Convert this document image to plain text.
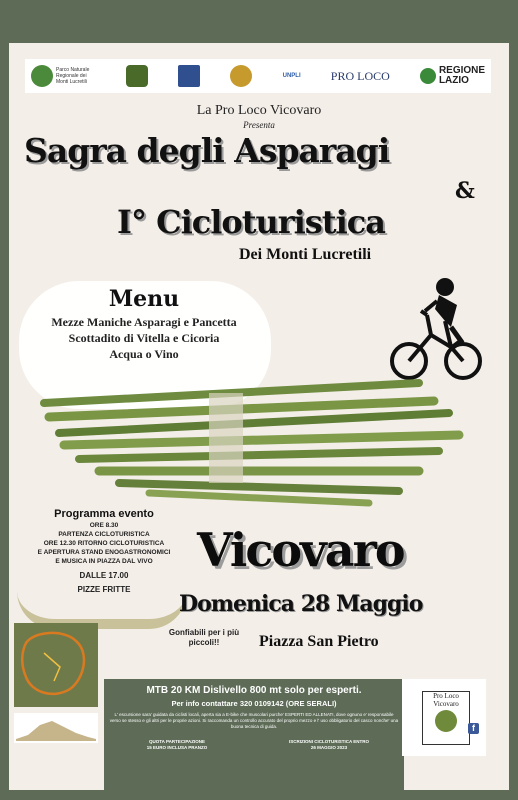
Parco Naturale Regionale dei Monti Lucretili
UNPLI	PRO LOCO	REGIONE LAZIO
La Pro Loco Vicovaro
Presenta
Sagra degli Asparagi
&
I° Cicloturistica
Dei Monti Lucretili
Menu
Mezze Maniche Asparagi e Pancetta
Scottadito di Vitella e Cicoria
Acqua o Vino
Programma evento
ORE 8.30
PARTENZA CICLOTURISTICA
ORE 12.30 RITORNO CICLOTURISTICA
E APERTURA STAND ENOGASTRONOMICI
E MUSICA IN PIAZZA DAL VIVO
DALLE 17.00
PIZZE FRITTE
Vicovaro
Domenica 28 Maggio
Piazza San Pietro
Gonfiabili per i più piccoli!!
MTB 20 KM Dislivello 800 mt solo per esperti.
Per info contattare 320 0109142 (ORE SERALI)
L' escursione sara' guidata da ciclisti locali, aperta sia a E-bike che muscolari purche' ESPERTI ED ALLENATI, dove ognuno e' responsabile verso se stesso e gli altri per le proprie azioni. Si raccomanda un controllo accurato del proprio mezzo e l' uso obbligatorio del casco nonche' una buona tecnica di guida.
QUOTA PARTECIPAZIONE
15 EURO INCLUSA PRANZO
ISCRIZIONI CICLOTURISTICA ENTRO
26 MAGGIO 2023
Pro Loco Vicovaro
f
